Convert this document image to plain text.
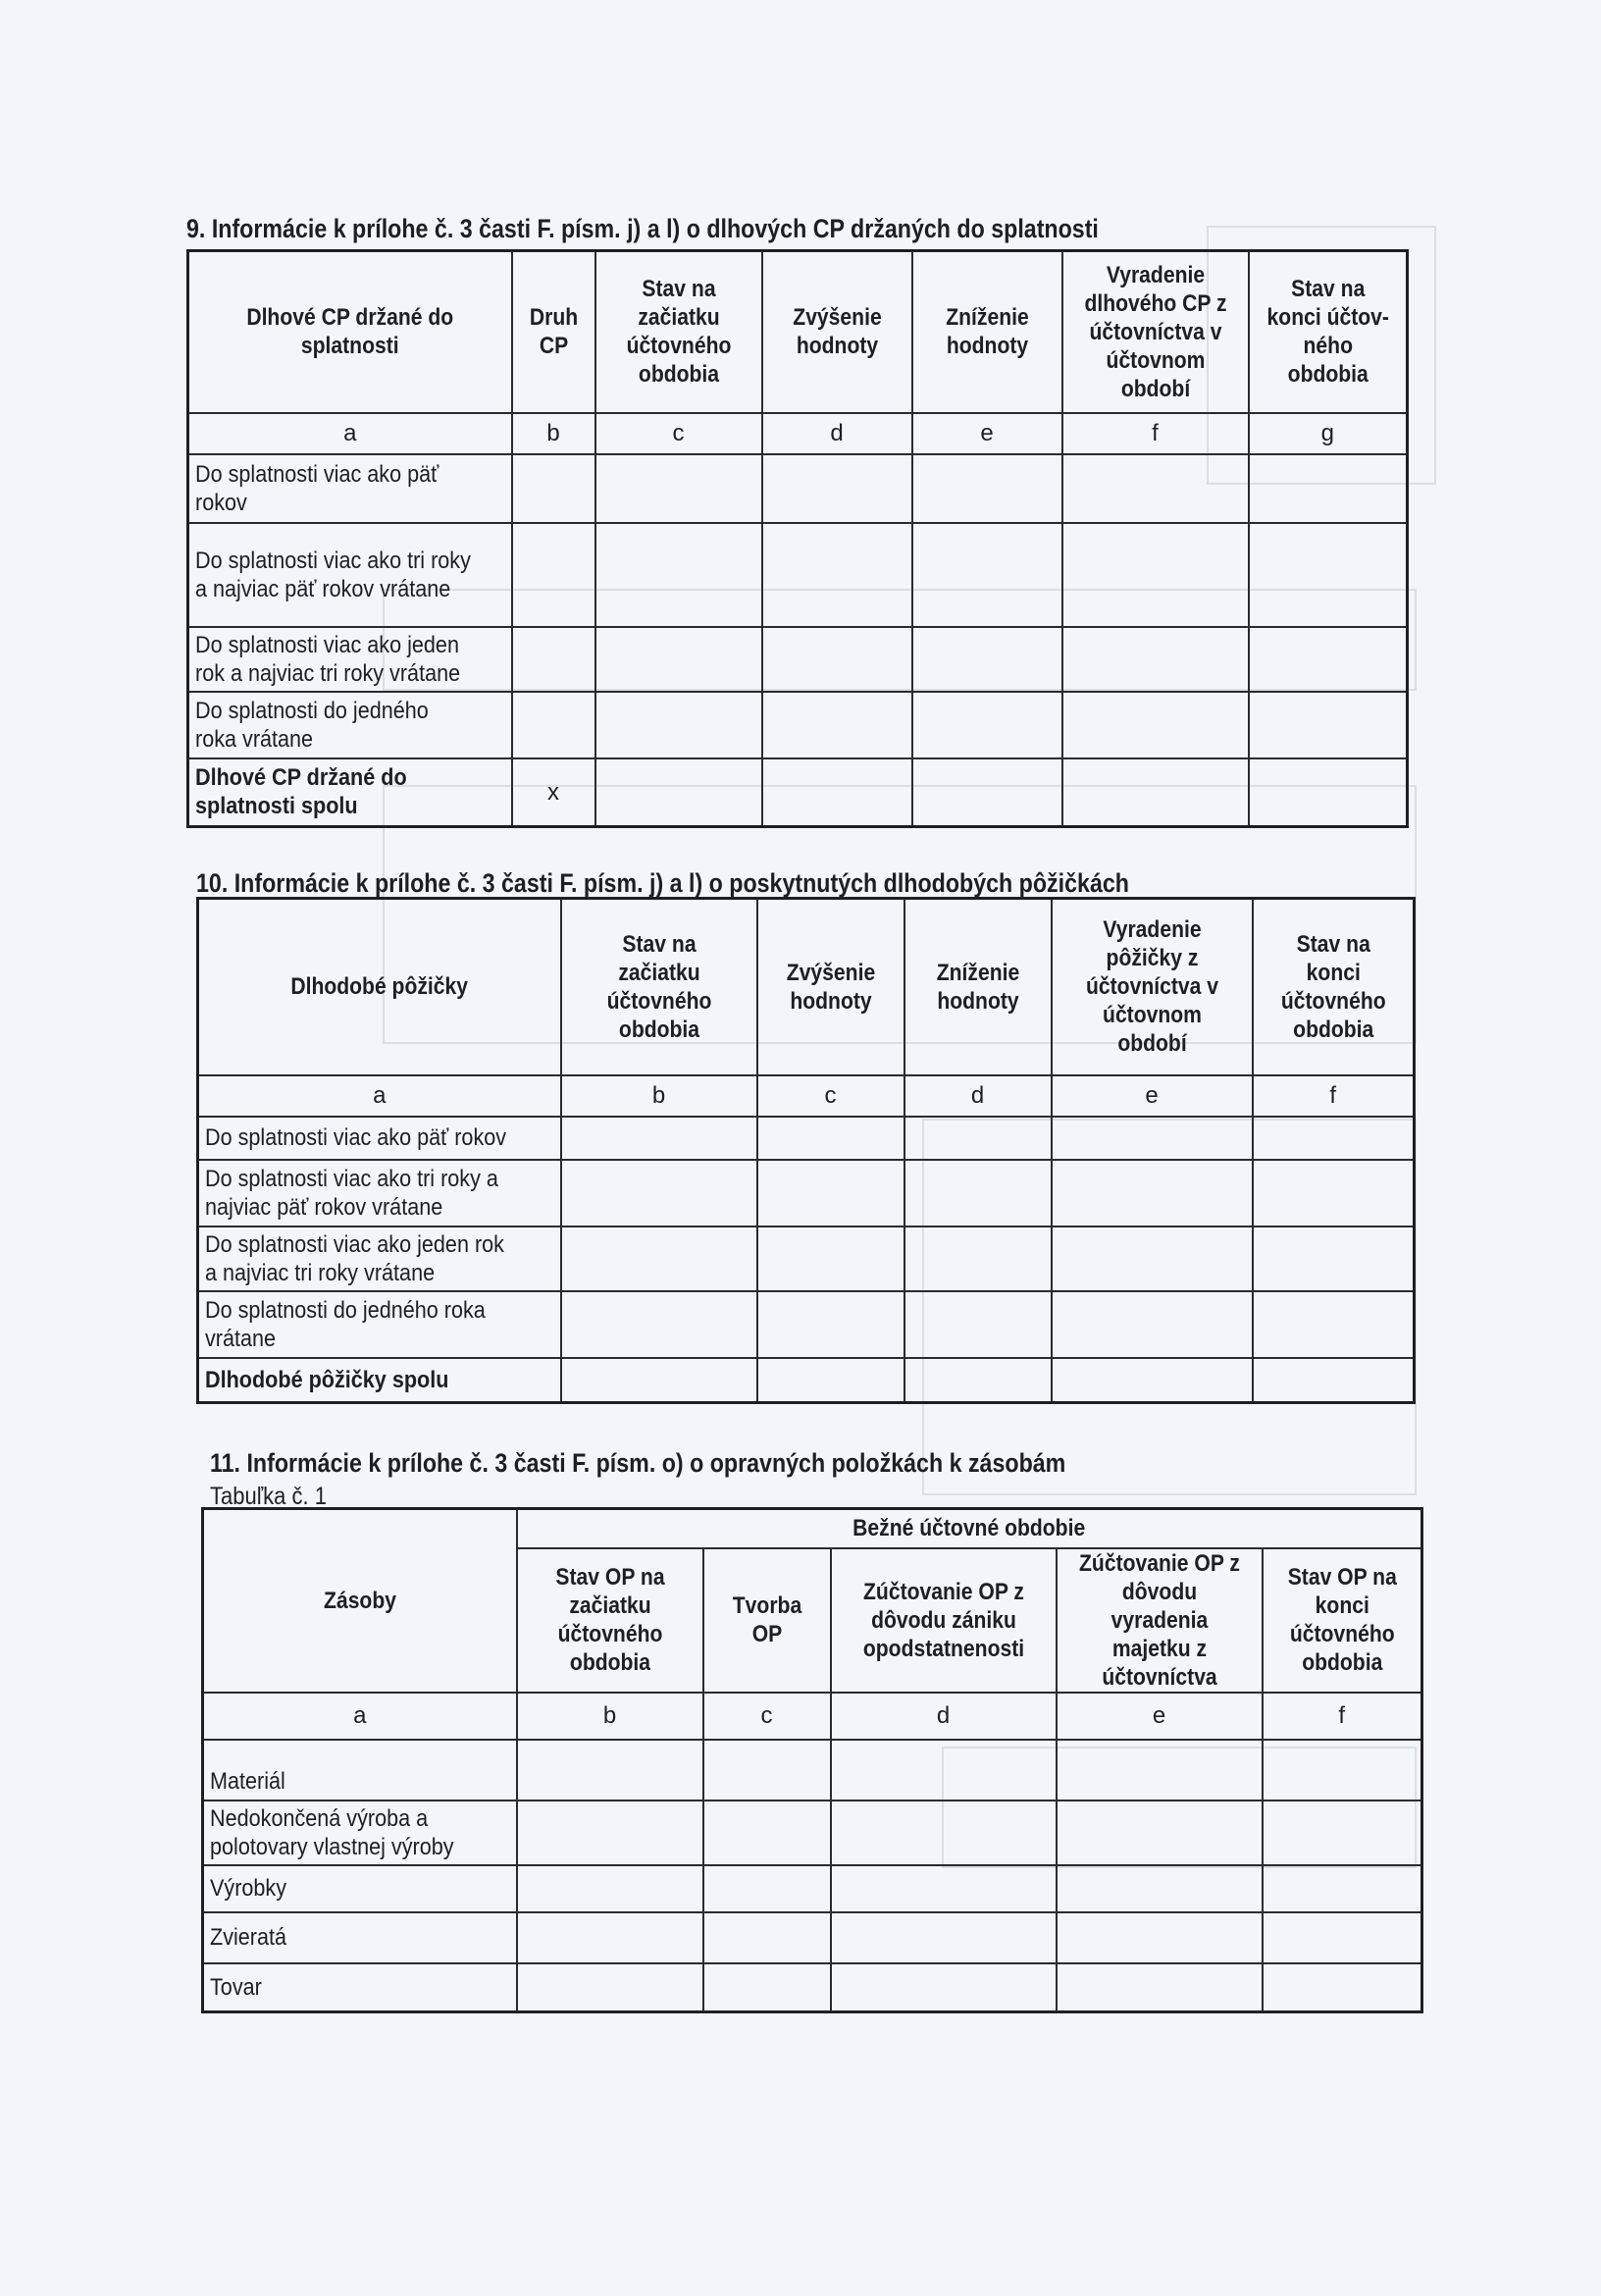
9. Informácie k prílohe č. 3 časti F. písm. j) a l) o dlhových CP držaných do splatnosti
Dlhové CP držané do splatnosti	Druh CP	Stav na začiatku účtovného obdobia	Zvýšenie hodnoty	Zníženie hodnoty	Vyradenie dlhového CP z účtovníctva v účtovnom období	Stav na konci účtov-ného obdobia
a	b	c	d	e	f	g
Do splatnosti viac ako päť rokov						
Do splatnosti viac ako tri roky a najviac päť rokov vrátane						
Do splatnosti viac ako jeden rok a najviac tri roky vrátane						
Do splatnosti do jedného roka vrátane						
Dlhové CP držané do splatnosti spolu	x					
10. Informácie k prílohe č. 3 časti F. písm. j) a l) o poskytnutých dlhodobých pôžičkách
Dlhodobé pôžičky	Stav na začiatku účtovného obdobia	Zvýšenie hodnoty	Zníženie hodnoty	Vyradenie pôžičky z účtovníctva v účtovnom období	Stav na konci účtovného obdobia
a	b	c	d	e	f
Do splatnosti viac ako päť rokov					
Do splatnosti viac ako tri roky a najviac päť rokov vrátane					
Do splatnosti viac ako jeden rok a najviac tri roky vrátane					
Do splatnosti do jedného roka vrátane					
Dlhodobé pôžičky spolu					
11. Informácie k prílohe č. 3 časti F. písm. o) o opravných položkách k zásobám
Tabuľka č. 1
Zásoby	Bežné účtovné obdobie				
	Stav OP na začiatku účtovného obdobia	Tvorba OP	Zúčtovanie OP z dôvodu zániku opodstatnenosti	Zúčtovanie OP z dôvodu vyradenia majetku z účtovníctva	Stav OP na konci účtovného obdobia
a	b	c	d	e	f
Materiál					
Nedokončená výroba a polotovary vlastnej výroby					
Výrobky					
Zvieratá					
Tovar					
